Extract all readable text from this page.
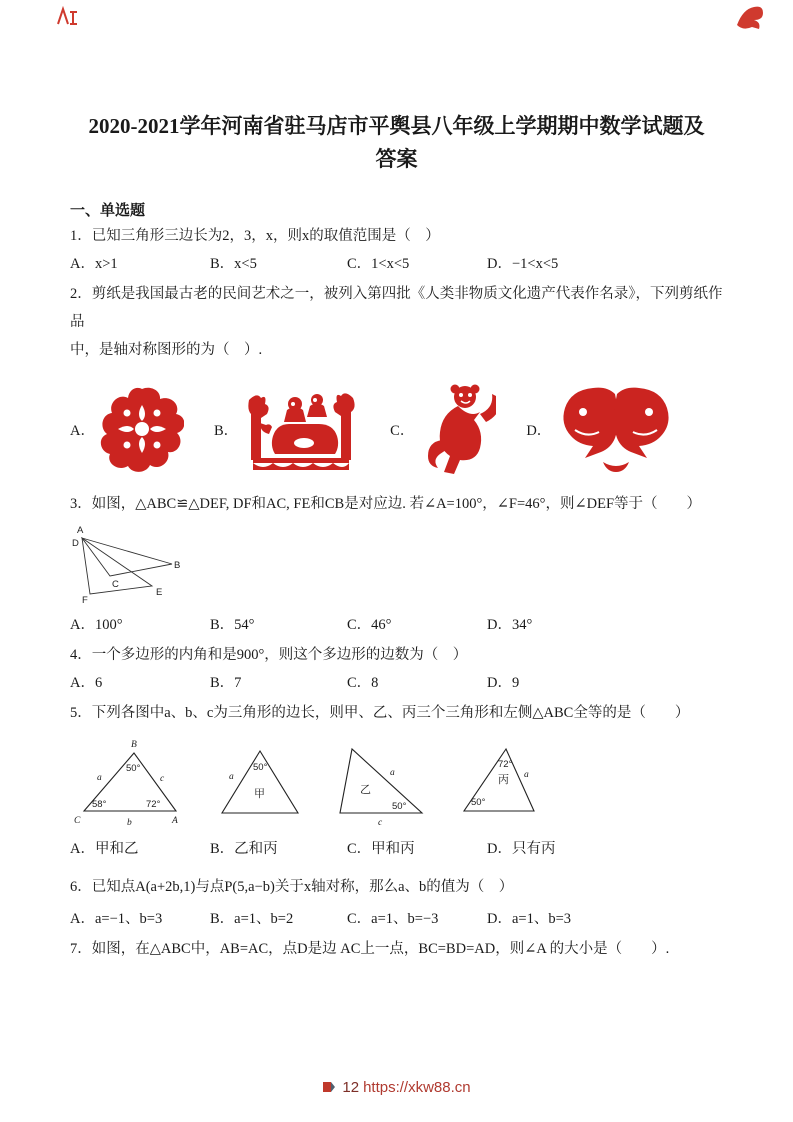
2020-2021学年河南省驻马店市平舆县八年级上学期期中数学试题及
答案
一、单选题

1．已知三角形三边长为2，3，x，则x的取值范围是（　）

A．x>1	B．x<5	C．1<x<5	D．−1<x<5

2．剪纸是我国最古老的民间艺术之一，被列入第四批《人类非物质文化遗产代表作名录》，下列剪纸作品

中，是轴对称图形的为（　）.

A．	B．	C．	D．

3．如图，△ABC≌△DEF, DF和AC, FE和CB是对应边. 若∠A=100°，∠F=46°，则∠DEF等于（　　）

A
D
B
C
E
F
A．100°	B．54°	C．46°	D．34°

4．一个多边形的内角和是900°，则这个多边形的边数为（　）

A．6	B．7	C．8	D．9

5．下列各图中a、b、c为三角形的边长，则甲、乙、丙三个三角形和左侧△ABC全等的是（　　）

B
50°
a	c
58°	72°
C	A
b
50°
甲
a	a
乙
50°
c
72°
丙
50°
a
A．甲和乙	B．乙和丙	C．甲和丙	D．只有丙

6．已知点A(a+2b,1)与点P(5,a−b)关于x轴对称，那么a、b的值为（　）

A．a=−1、b=3	B．a=1、b=2	C．a=1、b=−3	D．a=1、b=3

7．如图，在△ABC中，AB=AC，点D是边 AC上一点，BC=BD=AD，则∠A 的大小是（　　）.

12 https://xkw88.cn
